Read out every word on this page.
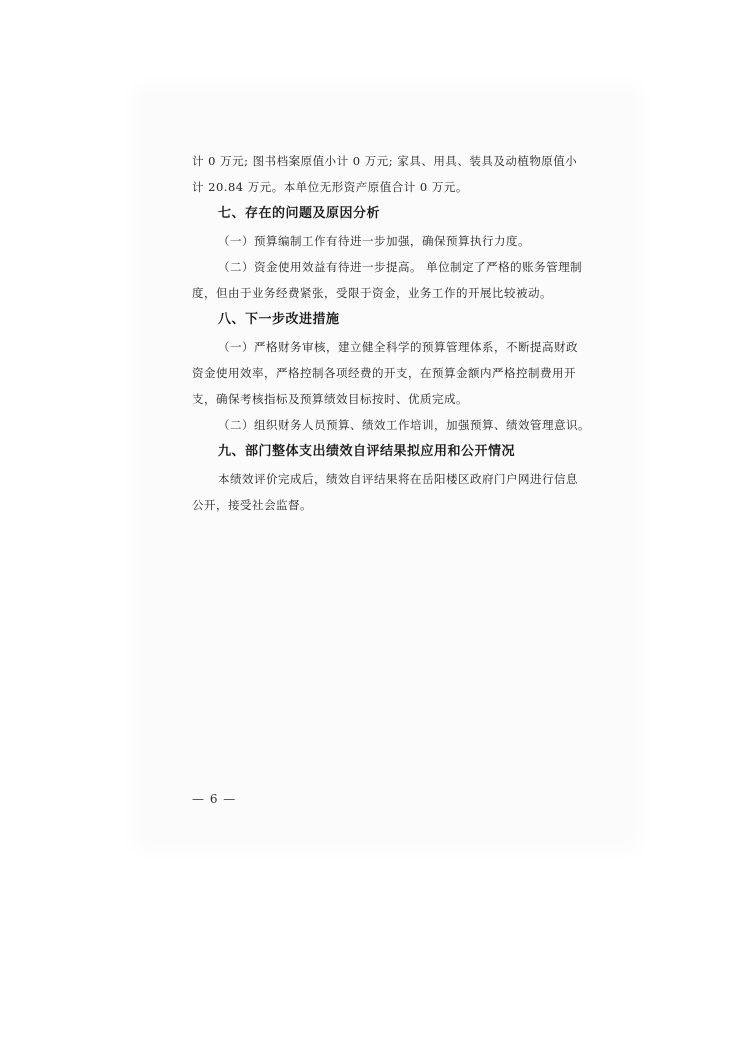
计 0 万元; 图书档案原值小计 0 万元; 家具、用具、装具及动植物原值小

计 20.84 万元。本单位无形资产原值合计 0 万元。

七、存在的问题及原因分析

（一）预算编制工作有待进一步加强，确保预算执行力度。

（二）资金使用效益有待进一步提高。 单位制定了严格的账务管理制

度，但由于业务经费紧张，受限于资金，业务工作的开展比较被动。

八、下一步改进措施

（一）严格财务审核，建立健全科学的预算管理体系，不断提高财政

资金使用效率，严格控制各项经费的开支，在预算金额内严格控制费用开

支，确保考核指标及预算绩效目标按时、优质完成。

（二）组织财务人员预算、绩效工作培训，加强预算、绩效管理意识。

九、部门整体支出绩效自评结果拟应用和公开情况

本绩效评价完成后，绩效自评结果将在岳阳楼区政府门户网进行信息

公开，接受社会监督。

— 6 —
